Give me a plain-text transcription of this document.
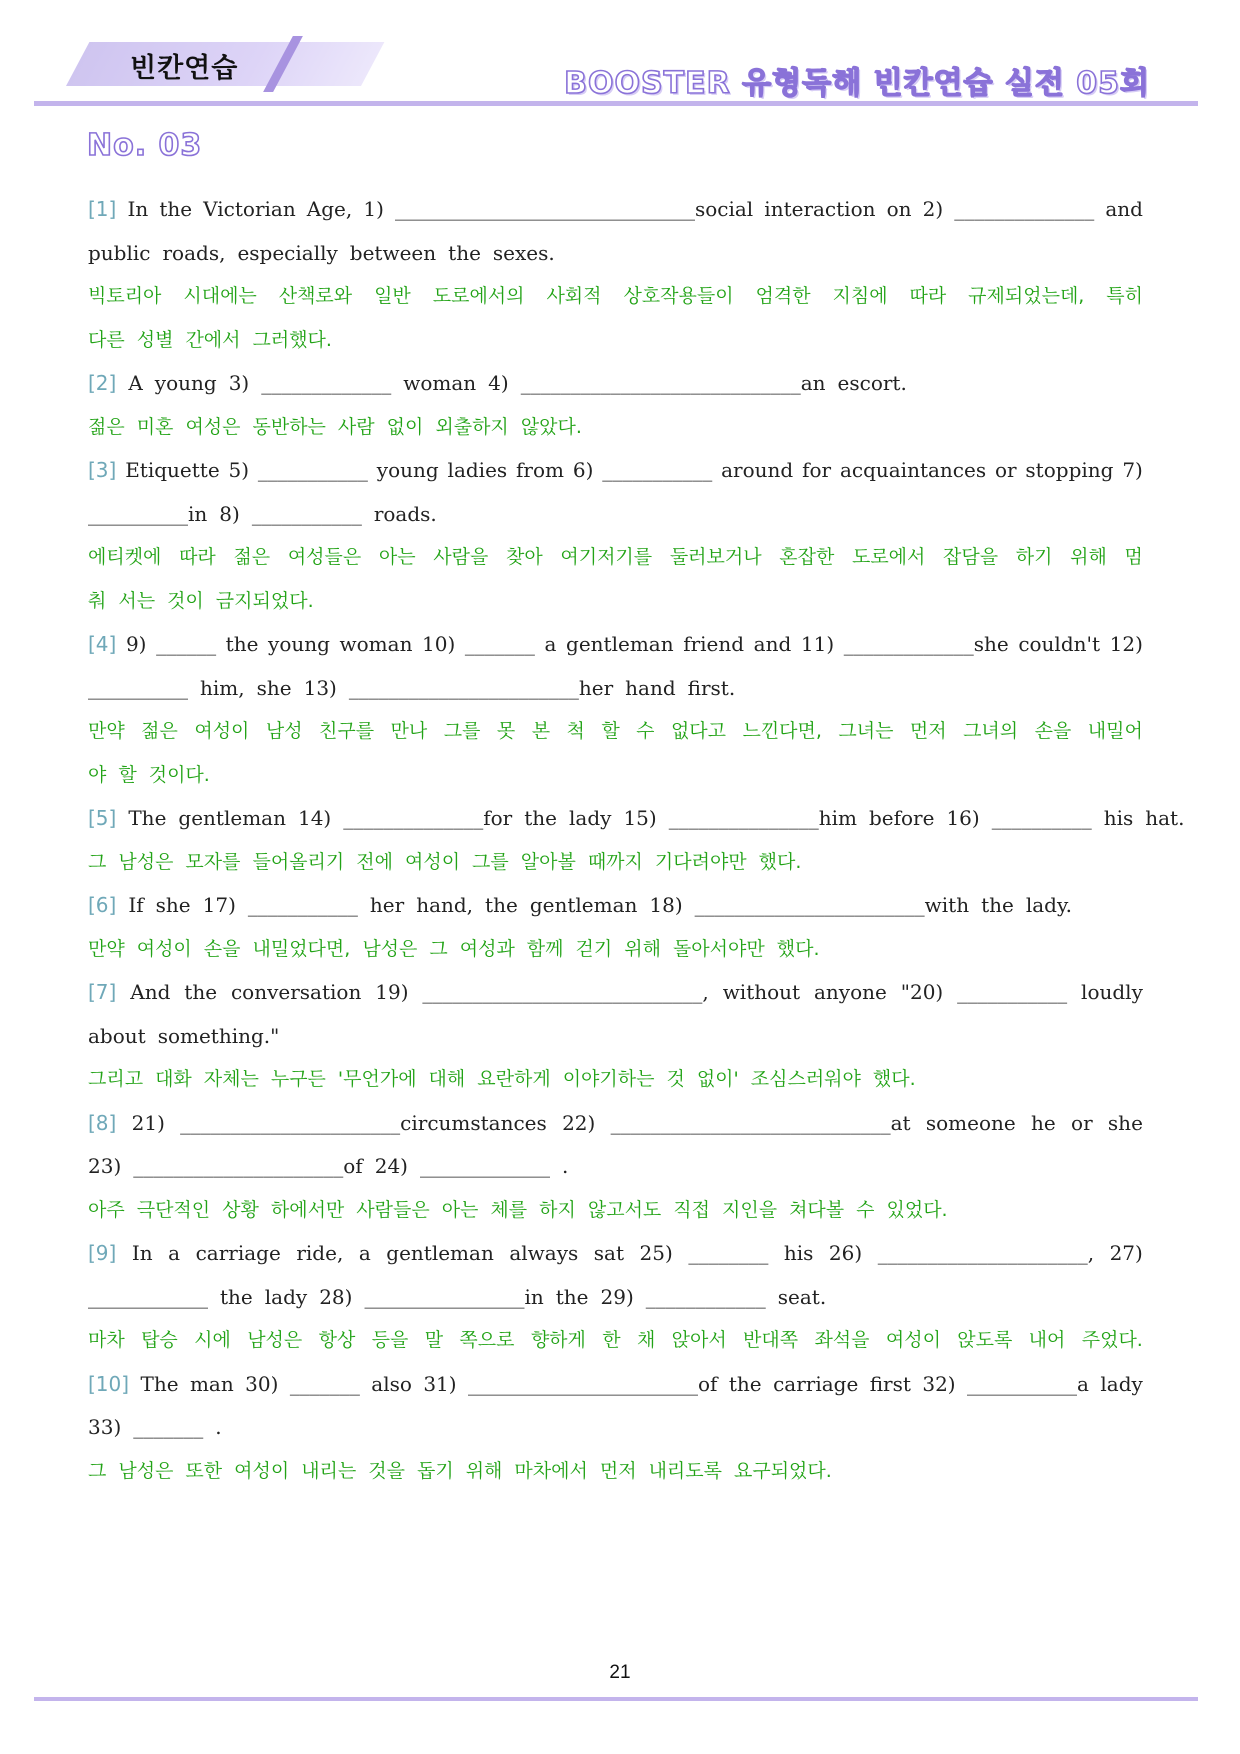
빈칸연습	BOOSTER 유형독해 빈칸연습 실전 05회
No. 03
[1] In the Victorian Age, 1) ______________________________social interaction on 2) ______________ and
public roads, especially between the sexes.
빅토리아 시대에는 산책로와 일반 도로에서의 사회적 상호작용들이 엄격한 지침에 따라 규제되었는데, 특히
다른 성별 간에서 그러했다.
[2] A young 3) _____________ woman 4) ____________________________an escort.
젊은 미혼 여성은 동반하는 사람 없이 외출하지 않았다.
[3] Etiquette 5) ___________ young ladies from 6) ___________ around for acquaintances or stopping 7)
__________in 8) ___________ roads.
에티켓에 따라 젊은 여성들은 아는 사람을 찾아 여기저기를 둘러보거나 혼잡한 도로에서 잡담을 하기 위해 멈
춰 서는 것이 금지되었다.
[4] 9) ______ the young woman 10) _______ a gentleman friend and 11) _____________she couldn't 12)
__________ him, she 13) _______________________her hand first.
만약 젊은 여성이 남성 친구를 만나 그를 못 본 척 할 수 없다고 느낀다면, 그녀는 먼저 그녀의 손을 내밀어
야 할 것이다.
[5] The gentleman 14) ______________for the lady 15) _______________him before 16) __________ his hat.
그 남성은 모자를 들어올리기 전에 여성이 그를 알아볼 때까지 기다려야만 했다.
[6] If she 17) ___________ her hand, the gentleman 18) _______________________with the lady.
만약 여성이 손을 내밀었다면, 남성은 그 여성과 함께 걷기 위해 돌아서야만 했다.
[7] And the conversation 19) ____________________________, without anyone "20) ___________ loudly
about something."
그리고 대화 자체는 누구든 '무언가에 대해 요란하게 이야기하는 것 없이' 조심스러워야 했다.
[8] 21) ______________________circumstances 22) ____________________________at someone he or she
23) _____________________of 24) _____________ .
아주 극단적인 상황 하에서만 사람들은 아는 체를 하지 않고서도 직접 지인을 쳐다볼 수 있었다.
[9] In a carriage ride, a gentleman always sat 25) ________ his 26) _____________________, 27)
____________ the lady 28) ________________in the 29) ____________ seat.
마차 탑승 시에 남성은 항상 등을 말 쪽으로 향하게 한 채 앉아서 반대쪽 좌석을 여성이 앉도록 내어 주었다.
[10] The man 30) _______ also 31) _______________________of the carriage first 32) ___________a lady
33) _______ .
그 남성은 또한 여성이 내리는 것을 돕기 위해 마차에서 먼저 내리도록 요구되었다.
21
